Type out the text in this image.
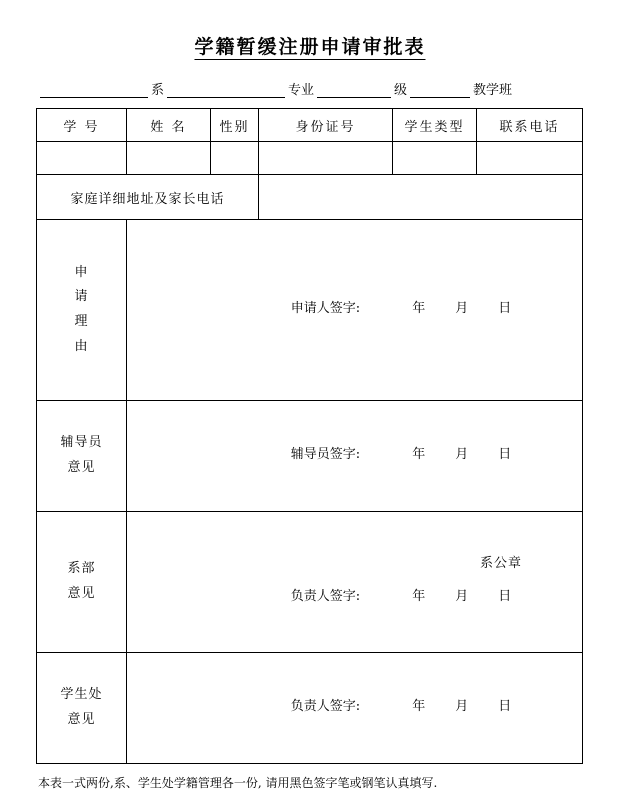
学籍暂缓注册申请审批表
系	专业	级	教学班
学 号	姓 名	性别	身份证号	学生类型	联系电话

家庭详细地址及家长电话					

申
请
理
由	申请人签字: 年 月 日				

辅导员
意见	辅导员签字: 年 月 日				

系部
意见

系公章
负责人签字:	年 月 日

学生处
意见	负责人签字: 年 月 日				
本表一式两份,系、学生处学籍管理各一份, 请用黑色签字笔或钢笔认真填写.
